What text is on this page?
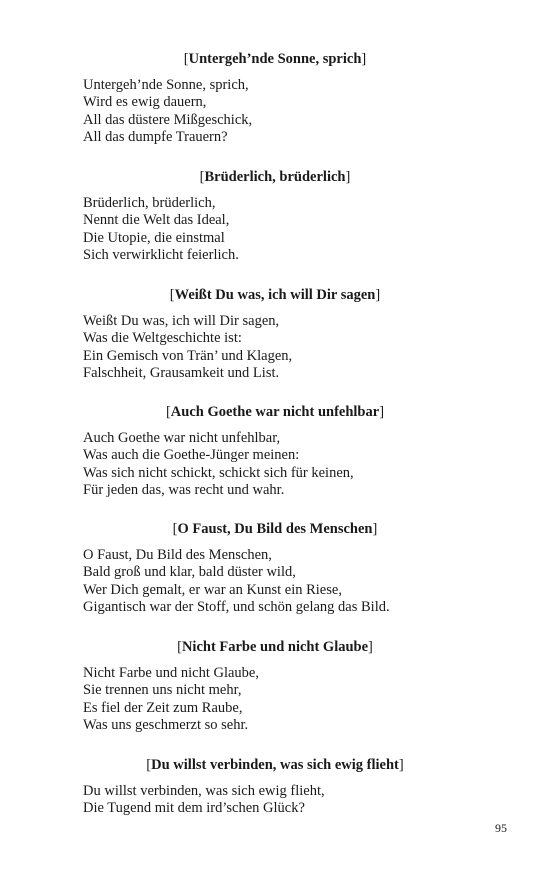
[Untergeh’nde Sonne, sprich]
Untergeh’nde Sonne, sprich,
Wird es ewig dauern,
All das düstere Mißgeschick,
All das dumpfe Trauern?
[Brüderlich, brüderlich]
Brüderlich, brüderlich,
Nennt die Welt das Ideal,
Die Utopie, die einstmal
Sich verwirklicht feierlich.
[Weißt Du was, ich will Dir sagen]
Weißt Du was, ich will Dir sagen,
Was die Weltgeschichte ist:
Ein Gemisch von Trän’ und Klagen,
Falschheit, Grausamkeit und List.
[Auch Goethe war nicht unfehlbar]
Auch Goethe war nicht unfehlbar,
Was auch die Goethe-Jünger meinen:
Was sich nicht schickt, schickt sich für keinen,
Für jeden das, was recht und wahr.
[O Faust, Du Bild des Menschen]
O Faust, Du Bild des Menschen,
Bald groß und klar, bald düster wild,
Wer Dich gemalt, er war an Kunst ein Riese,
Gigantisch war der Stoff, und schön gelang das Bild.
[Nicht Farbe und nicht Glaube]
Nicht Farbe und nicht Glaube,
Sie trennen uns nicht mehr,
Es fiel der Zeit zum Raube,
Was uns geschmerzt so sehr.
[Du willst verbinden, was sich ewig flieht]
Du willst verbinden, was sich ewig flieht,
Die Tugend mit dem ird’schen Glück?
95
